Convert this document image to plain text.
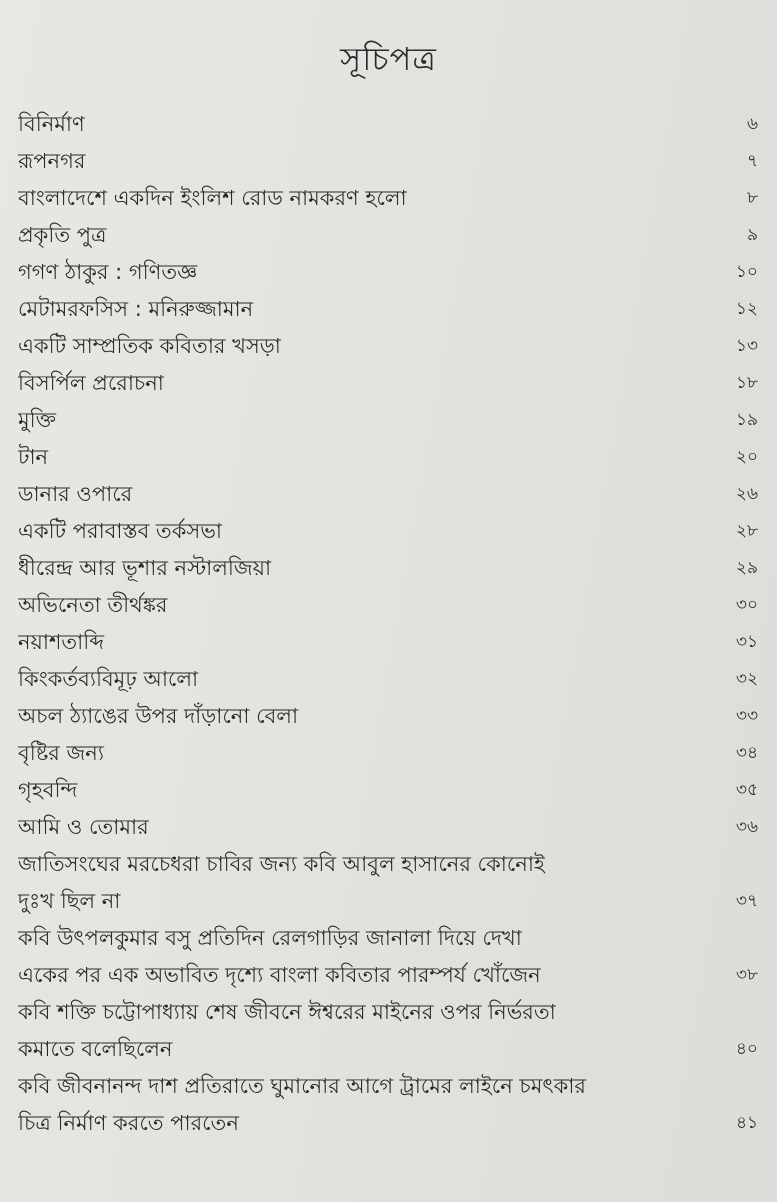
সূচিপত্র
বিনির্মাণ	৬
রূপনগর	৭
বাংলাদেশে একদিন ইংলিশ রোড নামকরণ হলো	৮
প্রকৃতি পুত্র	৯
গগণ ঠাকুর : গণিতজ্ঞ	১০
মেটামরফসিস : মনিরুজ্জামান	১২
একটি সাম্প্রতিক কবিতার খসড়া	১৩
বিসর্পিল প্ররোচনা	১৮
মুক্তি	১৯
টান	২০
ডানার ওপারে	২৬
একটি পরাবাস্তব তর্কসভা	২৮
ধীরেন্দ্র আর ভূশার নস্টালজিয়া	২৯
অভিনেতা তীর্থঙ্কর	৩০
নয়াশতাব্দি	৩১
কিংকর্তব্যবিমূঢ় আলো	৩২
অচল ঠ্যাঙের উপর দাঁড়ানো বেলা	৩৩
বৃষ্টির জন্য	৩৪
গৃহবন্দি	৩৫
আমি ও তোমার	৩৬
জাতিসংঘের মরচেধরা চাবির জন্য কবি আবুল হাসানের কোনোই
দুঃখ ছিল না	৩৭
কবি উৎপলকুমার বসু প্রতিদিন রেলগাড়ির জানালা দিয়ে দেখা
একের পর এক অভাবিত দৃশ্যে বাংলা কবিতার পারম্পর্য খোঁজেন	৩৮
কবি শক্তি চট্টোপাধ্যায় শেষ জীবনে ঈশ্বরের মাইনের ওপর নির্ভরতা
কমাতে বলেছিলেন	৪০
কবি জীবনানন্দ দাশ প্রতিরাতে ঘুমানোর আগে ট্রামের লাইনে চমৎকার
চিত্র নির্মাণ করতে পারতেন	৪১
